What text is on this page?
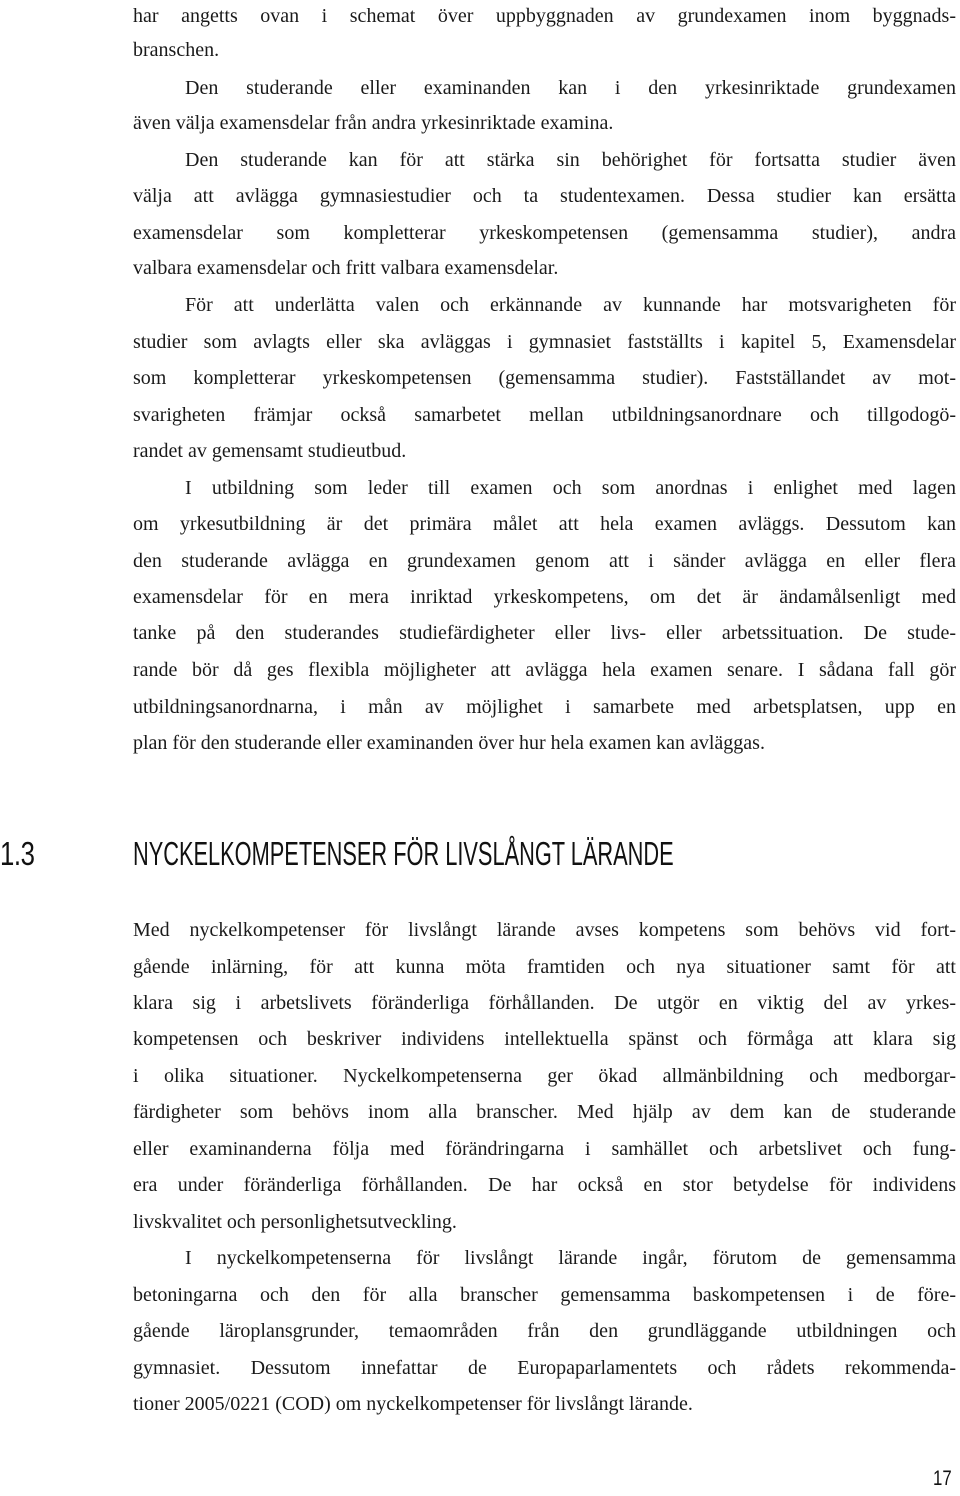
har angetts ovan i schemat över uppbyggnaden av grundexamen inom byggnads-
branschen.
Den studerande eller examinanden kan i den yrkesinriktade grundexamen
även välja examensdelar från andra yrkesinriktade examina.
Den studerande kan för att stärka sin behörighet för fortsatta studier även
välja att avlägga gymnasiestudier och ta studentexamen. Dessa studier kan ersätta
examensdelar som kompletterar yrkeskompetensen (gemensamma studier), andra
valbara examensdelar och fritt valbara examensdelar.
För att underlätta valen och erkännande av kunnande har motsvarigheten för
studier som avlagts eller ska avläggas i gymnasiet fastställts i kapitel 5, Examensdelar
som kompletterar yrkeskompetensen (gemensamma studier). Fastställandet av mot-
svarigheten främjar också samarbetet mellan utbildningsanordnare och tillgodogö-
randet av gemensamt studieutbud.
I utbildning som leder till examen och som anordnas i enlighet med lagen
om yrkesutbildning är det primära målet att hela examen avläggs. Dessutom kan
den studerande avlägga en grundexamen genom att i sänder avlägga en eller flera
examensdelar för en mera inriktad yrkeskompetens, om det är ändamålsenligt med
tanke på den studerandes studiefärdigheter eller livs- eller arbetssituation. De stude-
rande bör då ges flexibla möjligheter att avlägga hela examen senare. I sådana fall gör
utbildningsanordnarna, i mån av möjlighet i samarbete med arbetsplatsen, upp en
plan för den studerande eller examinanden över hur hela examen kan avläggas.
1.3	NYCKELKOMPETENSER FÖR LIVSLÅNGT LÄRANDE
Med nyckelkompetenser för livslångt lärande avses kompetens som behövs vid fort-
gående inlärning, för att kunna möta framtiden och nya situationer samt för att
klara sig i arbetslivets föränderliga förhållanden. De utgör en viktig del av yrkes-
kompetensen och beskriver individens intellektuella spänst och förmåga att klara sig
i olika situationer. Nyckelkompetenserna ger ökad allmänbildning och medborgar-
färdigheter som behövs inom alla branscher. Med hjälp av dem kan de studerande
eller examinanderna följa med förändringarna i samhället och arbetslivet och fung-
era under föränderliga förhållanden. De har också en stor betydelse för individens
livskvalitet och personlighetsutveckling.
I nyckelkompetenserna för livslångt lärande ingår, förutom de gemensamma
betoningarna och den för alla branscher gemensamma baskompetensen i de före-
gående läroplansgrunder, temaområden från den grundläggande utbildningen och
gymnasiet. Dessutom innefattar de Europaparlamentets och rådets rekommenda-
tioner 2005/0221 (COD) om nyckelkompetenser för livslångt lärande.
17
